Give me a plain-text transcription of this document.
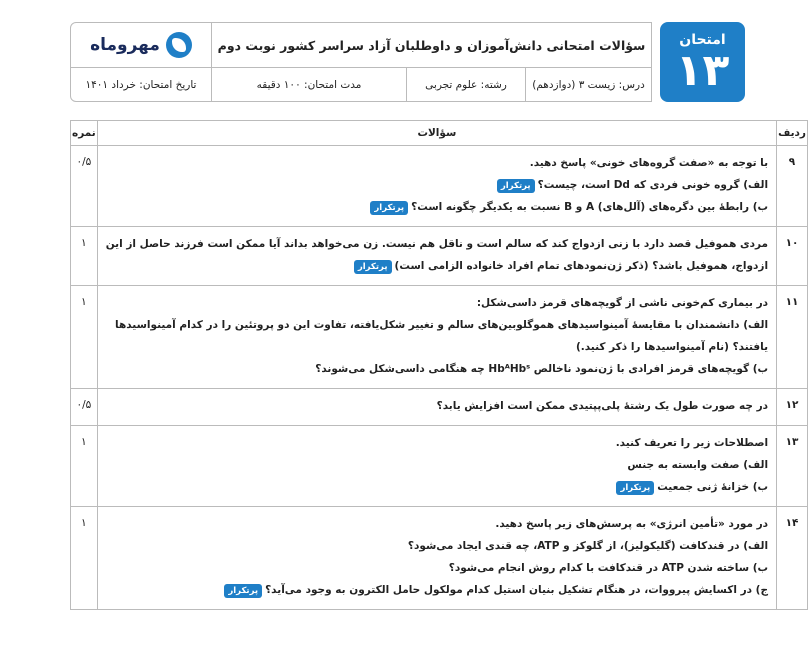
مهروماه
تاریخ امتحان: خرداد ۱۴۰۱
سؤالات امتحانی دانش‌آموزان و داوطلبان آزاد سراسر کشور نوبت دوم
درس: زیست ۳ (دوازدهم)
رشته: علوم تجربی
مدت امتحان: ۱۰۰ دقیقه
امتحان
۱۳
ردیف	سؤالات	نمره
۹	با توجه به «صفت گروه‌های خونی» پاسخ دهید.
الف) گروه خونی فردی که Dd است، چیست؟پرتکرار
ب) رابطهٔ بین دگره‌های (آلل‌های) A و B نسبت به یکدیگر چگونه است؟پرتکرار	۰/۵
۱۰	مردی هموفیل قصد دارد با زنی ازدواج کند که سالم است و ناقل هم نیست. زن می‌خواهد بداند آیا ممکن است فرزند حاصل از این
ازدواج، هموفیل باشد؟ (ذکر ژن‌نمودهای تمام افراد خانواده الزامی است)پرتکرار	۱
۱۱	در بیماری کم‌خونی ناشی از گویچه‌های قرمز داسی‌شکل:
الف) دانشمندان با مقایسهٔ آمینواسیدهای هموگلوبین‌های سالم و تغییر شکل‌یافته، تفاوت این دو پروتئین را در کدام آمینواسیدها
یافتند؟ (نام آمینواسیدها را ذکر کنید.)
ب) گویچه‌های قرمز افرادی با ژن‌نمود ناخالص HbᴬHbˢ چه هنگامی داسی‌شکل می‌شوند؟	۱
۱۲	در چه صورت طول یک رشتهٔ پلی‌پپتیدی ممکن است افزایش یابد؟	۰/۵
۱۳	اصطلاحات زیر را تعریف کنید.
الف) صفت وابسته به جنس
ب) خزانهٔ ژنی جمعیتپرتکرار	۱
۱۴	در مورد «تأمین انرژی» به پرسش‌های زیر پاسخ دهید.
الف) در قندکافت (گلیکولیز)، از گلوکز و ATP، چه قندی ایجاد می‌شود؟
ب) ساخته شدن ATP در قندکافت با کدام روش انجام می‌شود؟
ج) در اکسایش پیرووات، در هنگام تشکیل بنیان استیل کدام مولکول حامل الکترون به وجود می‌آید؟پرتکرار	۱
